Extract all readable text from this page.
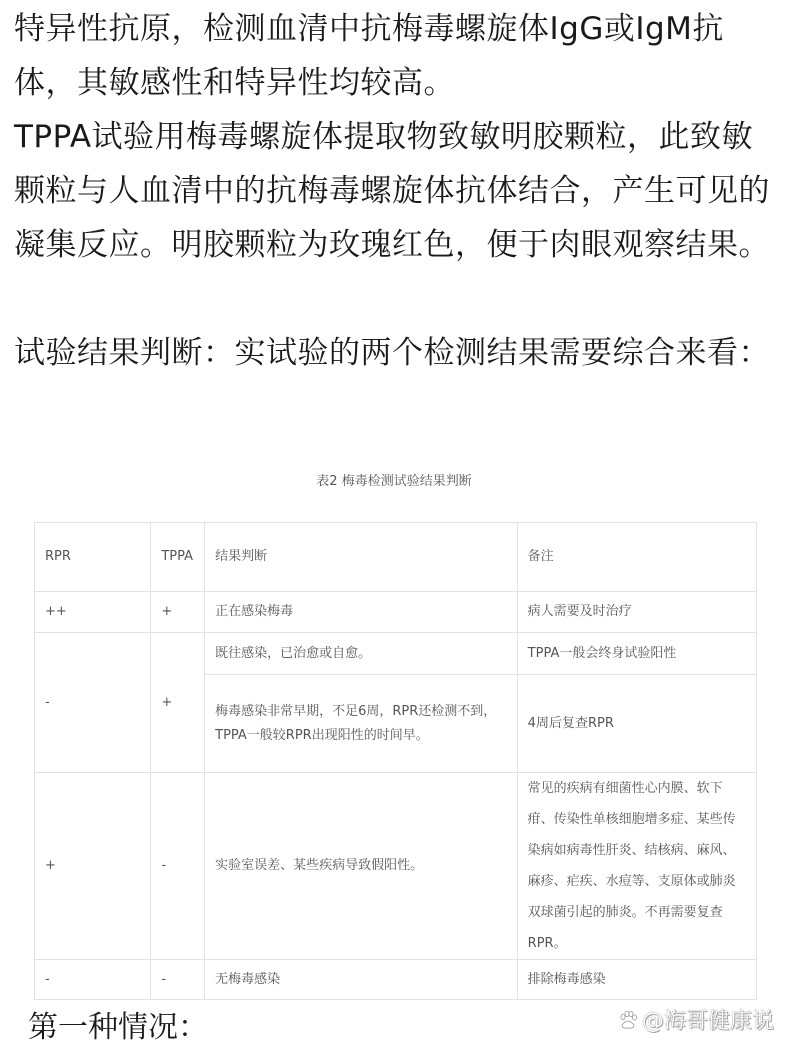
特异性抗原，检测血清中抗梅毒螺旋体IgG或IgM抗体，其敏感性和特异性均较高。

TPPA试验用梅毒螺旋体提取物致敏明胶颗粒，此致敏颗粒与人血清中的抗梅毒螺旋体抗体结合，产生可见的凝集反应。明胶颗粒为玫瑰红色，便于肉眼观察结果。

试验结果判断：实试验的两个检测结果需要综合来看：

表2 梅毒检测试验结果判断
RPR	TPPA	结果判断	备注
++	+	正在感染梅毒	病人需要及时治疗
-	+	既往感染，已治愈或自愈。	TPPA一般会终身试验阳性
		梅毒感染非常早期，不足6周，RPR还检测不到，TPPA一般较RPR出现阳性的时间早。	4周后复查RPR
+	-	实验室误差、某些疾病导致假阳性。	常见的疾病有细菌性心内膜、软下疳、传染性单核细胞增多症、某些传染病如病毒性肝炎、结核病、麻风、麻疹、疟疾、水痘等、支原体或肺炎双球菌引起的肺炎。不再需要复查RPR。
-	-	无梅毒感染	排除梅毒感染
第一种情况：	@海哥健康说
